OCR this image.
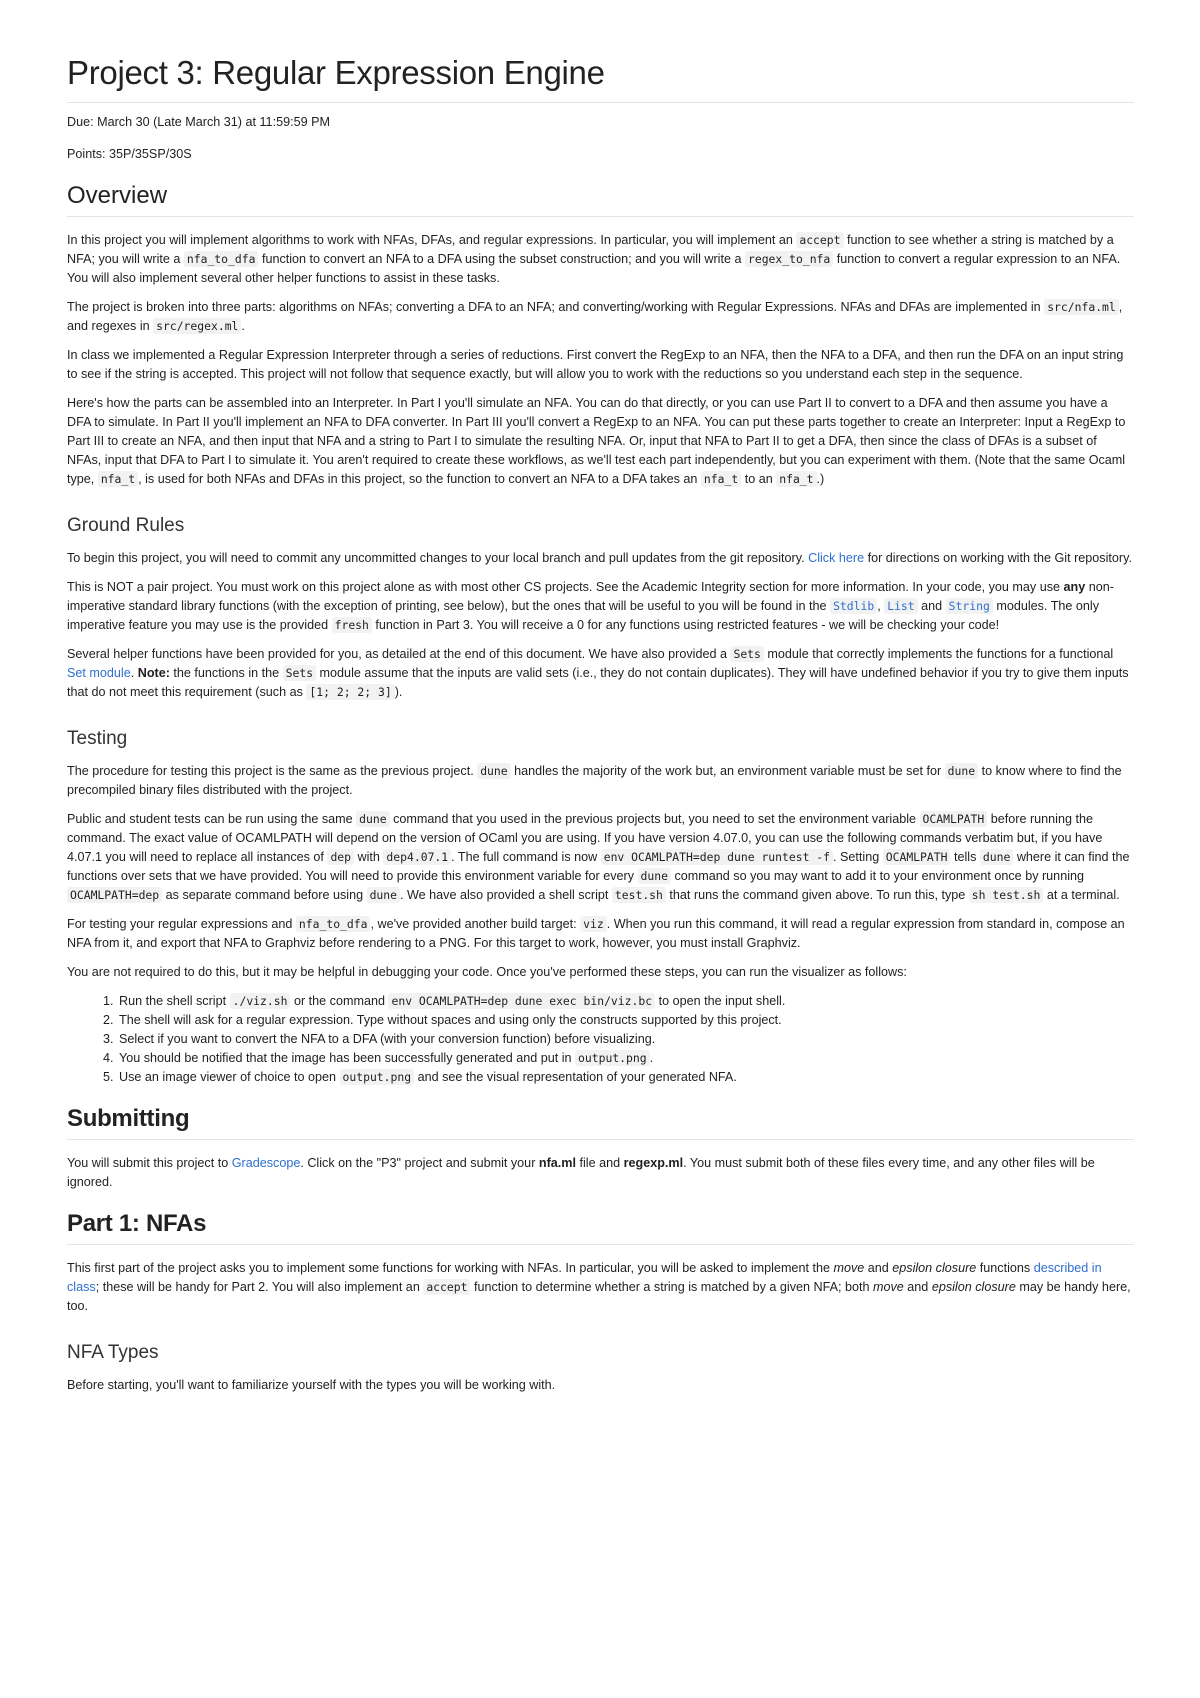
Project 3: Regular Expression Engine

Due: March 30 (Late March 31) at 11:59:59 PM

Points: 35P/35SP/30S

Overview

In this project you will implement algorithms to work with NFAs, DFAs, and regular expressions. In particular, you will implement an accept function to see whether a string is matched by a NFA; you will write a nfa_to_dfa function to convert an NFA to a DFA using the subset construction; and you will write a regex_to_nfa function to convert a regular expression to an NFA. You will also implement several other helper functions to assist in these tasks.

The project is broken into three parts: algorithms on NFAs; converting a DFA to an NFA; and converting/working with Regular Expressions. NFAs and DFAs are implemented in src/nfa.ml , and regexes in src/regex.ml .

In class we implemented a Regular Expression Interpreter through a series of reductions. First convert the RegExp to an NFA, then the NFA to a DFA, and then run the DFA on an input string to see if the string is accepted. This project will not follow that sequence exactly, but will allow you to work with the reductions so you understand each step in the sequence.

Here's how the parts can be assembled into an Interpreter. In Part I you'll simulate an NFA. You can do that directly, or you can use Part II to convert to a DFA and then assume you have a DFA to simulate. In Part II you'll implement an NFA to DFA converter. In Part III you'll convert a RegExp to an NFA. You can put these parts together to create an Interpreter: Input a RegExp to Part III to create an NFA, and then input that NFA and a string to Part I to simulate the resulting NFA. Or, input that NFA to Part II to get a DFA, then since the class of DFAs is a subset of NFAs, input that DFA to Part I to simulate it. You aren't required to create these workflows, as we'll test each part independently, but you can experiment with them. (Note that the same Ocaml type, nfa_t , is used for both NFAs and DFAs in this project, so the function to convert an NFA to a DFA takes an nfa_t to an nfa_t .)

Ground Rules

To begin this project, you will need to commit any uncommitted changes to your local branch and pull updates from the git repository. Click here for directions on working with the Git repository.

This is NOT a pair project. You must work on this project alone as with most other CS projects. See the Academic Integrity section for more information. In your code, you may use any non-imperative standard library functions (with the exception of printing, see below), but the ones that will be useful to you will be found in the Stdlib , List and String modules. The only imperative feature you may use is the provided fresh function in Part 3. You will receive a 0 for any functions using restricted features - we will be checking your code!

Several helper functions have been provided for you, as detailed at the end of this document. We have also provided a Sets module that correctly implements the functions for a functional Set module. Note: the functions in the Sets module assume that the inputs are valid sets (i.e., they do not contain duplicates). They will have undefined behavior if you try to give them inputs that do not meet this requirement (such as [1; 2; 2; 3] ).

Testing

The procedure for testing this project is the same as the previous project. dune handles the majority of the work but, an environment variable must be set for dune to know where to find the precompiled binary files distributed with the project.

Public and student tests can be run using the same dune command that you used in the previous projects but, you need to set the environment variable OCAMLPATH before running the command. The exact value of OCAMLPATH will depend on the version of OCaml you are using. If you have version 4.07.0, you can use the following commands verbatim but, if you have 4.07.1 you will need to replace all instances of dep with dep4.07.1 . The full command is now env OCAMLPATH=dep dune runtest -f . Setting OCAMLPATH tells dune where it can find the functions over sets that we have provided. You will need to provide this environment variable for every dune command so you may want to add it to your environment once by running OCAMLPATH=dep as separate command before using dune . We have also provided a shell script test.sh that runs the command given above. To run this, type sh test.sh at a terminal.

For testing your regular expressions and nfa_to_dfa , we've provided another build target: viz . When you run this command, it will read a regular expression from standard in, compose an NFA from it, and export that NFA to Graphviz before rendering to a PNG. For this target to work, however, you must install Graphviz.

You are not required to do this, but it may be helpful in debugging your code. Once you've performed these steps, you can run the visualizer as follows:

1. Run the shell script ./viz.sh or the command env OCAMLPATH=dep dune exec bin/viz.bc to open the input shell.
2. The shell will ask for a regular expression. Type without spaces and using only the constructs supported by this project.
3. Select if you want to convert the NFA to a DFA (with your conversion function) before visualizing.
4. You should be notified that the image has been successfully generated and put in output.png .
5. Use an image viewer of choice to open output.png and see the visual representation of your generated NFA.
Submitting

You will submit this project to Gradescope. Click on the "P3" project and submit your nfa.ml file and regexp.ml. You must submit both of these files every time, and any other files will be ignored.

Part 1: NFAs

This first part of the project asks you to implement some functions for working with NFAs. In particular, you will be asked to implement the move and epsilon closure functions described in class; these will be handy for Part 2. You will also implement an accept function to determine whether a string is matched by a given NFA; both move and epsilon closure may be handy here, too.

NFA Types

Before starting, you'll want to familiarize yourself with the types you will be working with.
